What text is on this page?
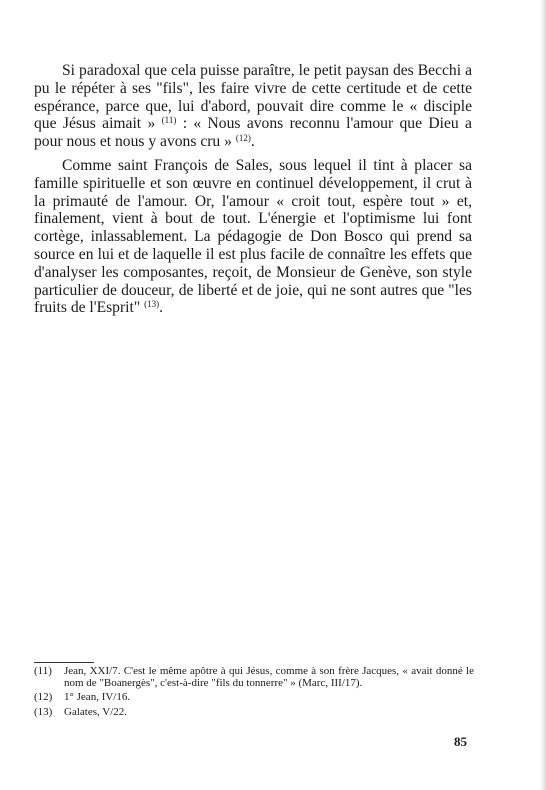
Si paradoxal que cela puisse paraître, le petit paysan des Becchi a pu le répéter à ses "fils", les faire vivre de cette certitude et de cette espérance, parce que, lui d'abord, pouvait dire comme le « disciple que Jésus aimait » $^{(11)}$ : « Nous avons reconnu l'amour que Dieu a pour nous et nous y avons cru » $^{(12)}$.

Comme saint François de Sales, sous lequel il tint à placer sa famille spirituelle et son œuvre en continuel développement, il crut à la primauté de l'amour. Or, l'amour « croit tout, espère tout » et, finalement, vient à bout de tout. L'énergie et l'optimisme lui font cortège, inlassablement. La pédagogie de Don Bosco qui prend sa source en lui et de laquelle il est plus facile de connaître les effets que d'analyser les composantes, reçoit, de Monsieur de Genève, son style particulier de douceur, de liberté et de joie, qui ne sont autres que "les fruits de l'Esprit" $^{(13)}$.

(11)	Jean, XXI/7. C'est le même apôtre à qui Jésus, comme à son frère Jacques, « avait donné le nom de "Boanergès", c'est-à-dire "fils du tonnerre" » (Marc, III/17).
(12)	1° Jean, IV/16.
(13)	Galates, V/22.
85
